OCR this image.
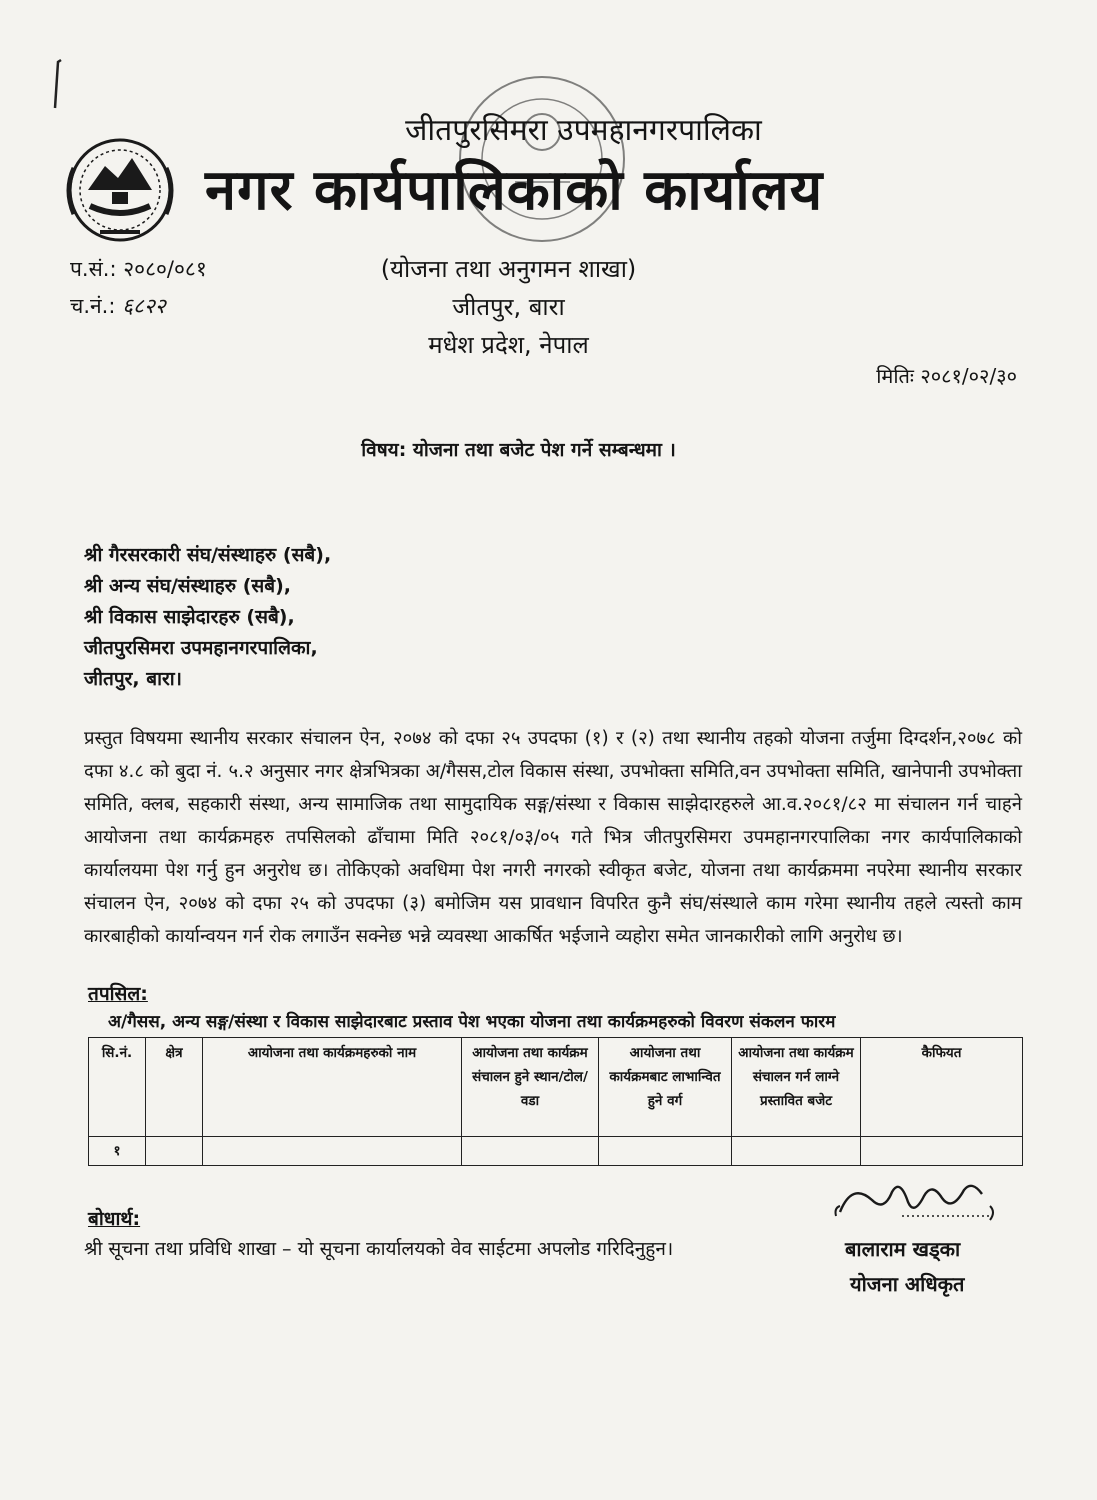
जीतपुरसिमरा उपमहानगरपालिका
नगर कार्यपालिकाको कार्यालय
प.सं.: २०८०/०८१
च.नं.: ६८२२
(योजना तथा अनुगमन शाखा)
जीतपुर, बारा
मधेश प्रदेश, नेपाल
मितिः २०८१/०२/३०
विषय: योजना तथा बजेट पेश गर्ने सम्बन्धमा ।
श्री गैरसरकारी संघ/संस्थाहरु (सबै),
श्री अन्य संघ/संस्थाहरु (सबै),
श्री विकास साझेदारहरु (सबै),
जीतपुरसिमरा उपमहानगरपालिका,
जीतपुर, बारा।
प्रस्तुत विषयमा स्थानीय सरकार संचालन ऐन, २०७४ को दफा २५ उपदफा (१) र (२) तथा स्थानीय तहको योजना तर्जुमा दिग्दर्शन,२०७८ को दफा ४.८ को बुदा नं. ५.२ अनुसार नगर क्षेत्रभित्रका अ/गैसस,टोल विकास संस्था, उपभोक्ता समिति,वन उपभोक्ता समिति, खानेपानी उपभोक्ता समिति, क्लब, सहकारी संस्था, अन्य सामाजिक तथा सामुदायिक सङ्ग/संस्था र विकास साझेदारहरुले आ.व.२०८१/८२ मा संचालन गर्न चाहने आयोजना तथा कार्यक्रमहरु तपसिलको ढाँचामा मिति २०८१/०३/०५ गते भित्र जीतपुरसिमरा उपमहानगरपालिका नगर कार्यपालिकाको कार्यालयमा पेश गर्नु हुन अनुरोध छ। तोकिएको अवधिमा पेश नगरी नगरको स्वीकृत बजेट, योजना तथा कार्यक्रममा नपरेमा स्थानीय सरकार संचालन ऐन, २०७४ को दफा २५ को उपदफा (३) बमोजिम यस प्रावधान विपरित कुनै संघ/संस्थाले काम गरेमा स्थानीय तहले त्यस्तो काम कारबाहीको कार्यान्वयन गर्न रोक लगाउँन सक्नेछ भन्ने व्यवस्था आकर्षित भईजाने व्यहोरा समेत जानकारीको लागि अनुरोध छ।
तपसिल:
अ/गैसस, अन्य सङ्ग/संस्था र विकास साझेदारबाट प्रस्ताव पेश भएका योजना तथा कार्यक्रमहरुको विवरण संकलन फारम
सि.नं.	क्षेत्र	आयोजना तथा कार्यक्रमहरुको नाम	आयोजना तथा कार्यक्रम संचालन हुने स्थान/टोल/वडा	आयोजना तथा कार्यक्रमबाट लाभान्वित हुने वर्ग	आयोजना तथा कार्यक्रम संचालन गर्न लाग्ने प्रस्तावित बजेट	कैफियत
१						
बोधार्थ:
श्री सूचना तथा प्रविधि शाखा – यो सूचना कार्यालयको वेव साईटमा अपलोड गरिदिनुहुन।	बालाराम खड्का
योजना अधिकृत
